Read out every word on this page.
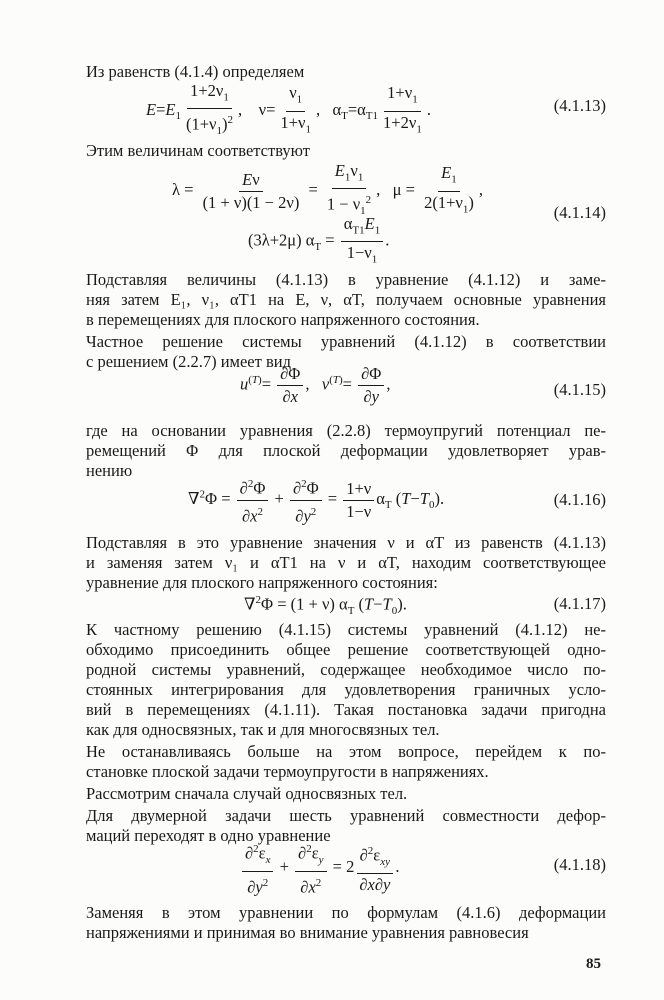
Из равенств (4.1.4) определяем
$E=E_1 \frac{1+2\nu_1}{(1+\nu_1)^2}$ ,    $\nu= \frac{\nu_1}{1+\nu_1}$ ,   $\alpha_T=\alpha_{T1} \frac{1+\nu_1}{1+2\nu_1}$ .	(4.1.13)
Этим величинам соответствуют
$\lambda = \frac{E\nu}{(1 + \nu)(1 - 2\nu)} = \frac{E_1\nu_1}{1 - \nu_1^2}$ ,   $\mu = \frac{E_1}{2(1+\nu_1)}$ ,
(3λ+2μ) $\alpha_T = \frac{\alpha_{T1}E_1}{1-\nu_1}$ .
(4.1.14)
Подставляя величины (4.1.13) в уравнение (4.1.12) и заме-
няя затем E₁, ν₁, αT1 на E, ν, αT, получаем основные уравнения
в перемещениях для плоского напряженного состояния.
Частное решение системы уравнений (4.1.12) в соответствии
с решением (2.2.7) имеет вид
$u^{(T)}= \frac{\partial\Phi}{\partial x}$ ,   $v^{(T)}= \frac{\partial\Phi}{\partial y}$ ,	(4.1.15)
где на основании уравнения (2.2.8) термоупругий потенциал пе-
ремещений Φ для плоской деформации удовлетворяет урав-
нению
$\nabla^2\Phi = \frac{\partial^2\Phi}{\partial x^2} + \frac{\partial^2\Phi}{\partial y^2} = \frac{1+\nu}{1-\nu} \alpha_T$ $(T-T_0)$.	(4.1.16)
Подставляя в это уравнение значения ν и αT из равенств (4.1.13)
и заменяя затем ν₁ и αT1 на ν и αT, находим соответствующее
уравнение для плоского напряженного состояния:
∇$^2$Φ = (1 + ν) $\alpha_T$ $(T-T_0)$.	(4.1.17)
К частному решению (4.1.15) системы уравнений (4.1.12) не-
обходимо присоединить общее решение соответствующей одно-
родной системы уравнений, содержащее необходимое число по-
стоянных интегрирования для удовлетворения граничных усло-
вий в перемещениях (4.1.11). Такая постановка задачи пригодна
как для односвязных, так и для многосвязных тел.
Не останавливаясь больше на этом вопросе, перейдем к по-
становке плоской задачи термоупругости в напряжениях.
Рассмотрим сначала случай односвязных тел.
Для двумерной задачи шесть уравнений совместности дефор-
маций переходят в одно уравнение
$\frac{\partial^2\varepsilon_x}{\partial y^2} + \frac{\partial^2\varepsilon_y}{\partial x^2} = 2 \frac{\partial^2\varepsilon_{xy}}{\partial x\partial y}$ .	(4.1.18)
Заменяя в этом уравнении по формулам (4.1.6) деформации
напряжениями и принимая во внимание уравнения равновесия
85
